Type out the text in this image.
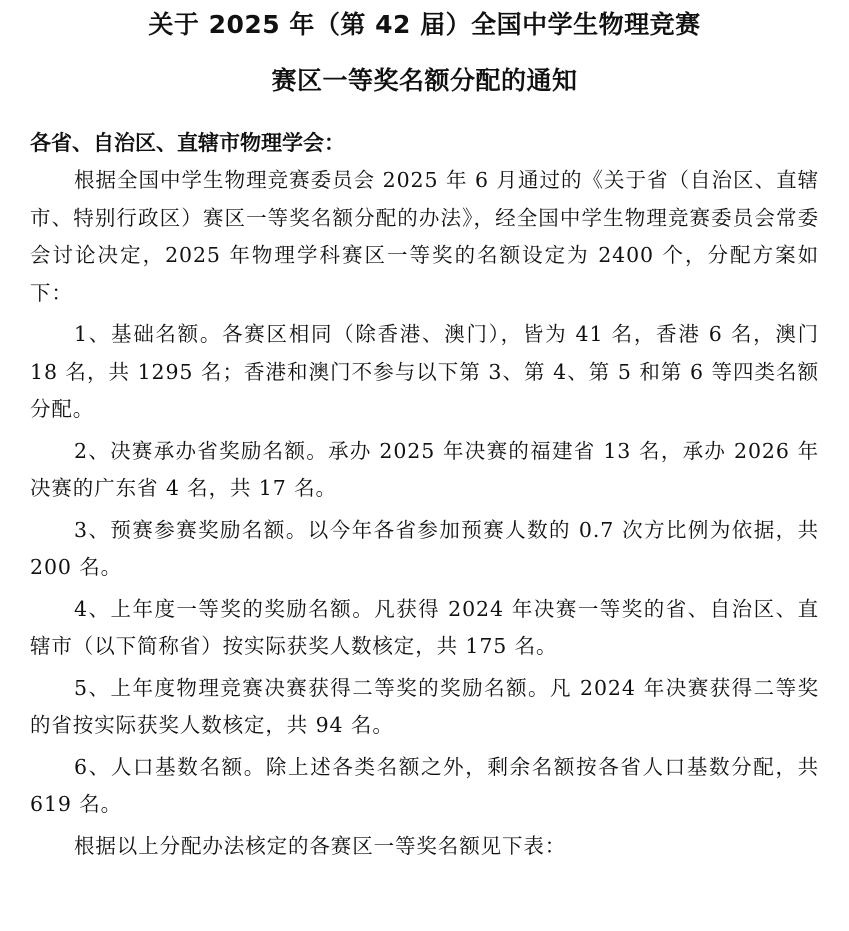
关于 2025 年（第 42 届）全国中学生物理竞赛
赛区一等奖名额分配的通知

各省、自治区、直辖市物理学会：

根据全国中学生物理竞赛委员会 2025 年 6 月通过的《关于省（自治区、直辖市、特别行政区）赛区一等奖名额分配的办法》，经全国中学生物理竞赛委员会常委会讨论决定，2025 年物理学科赛区一等奖的名额设定为 2400 个，分配方案如下：

1、基础名额。各赛区相同（除香港、澳门），皆为 41 名，香港 6 名，澳门 18 名，共 1295 名；香港和澳门不参与以下第 3、第 4、第 5 和第 6 等四类名额分配。

2、决赛承办省奖励名额。承办 2025 年决赛的福建省 13 名，承办 2026 年决赛的广东省 4 名，共 17 名。

3、预赛参赛奖励名额。以今年各省参加预赛人数的 0.7 次方比例为依据，共 200 名。

4、上年度一等奖的奖励名额。凡获得 2024 年决赛一等奖的省、自治区、直辖市（以下简称省）按实际获奖人数核定，共 175 名。

5、上年度物理竞赛决赛获得二等奖的奖励名额。凡 2024 年决赛获得二等奖的省按实际获奖人数核定，共 94 名。

6、人口基数名额。除上述各类名额之外，剩余名额按各省人口基数分配，共 619 名。

根据以上分配办法核定的各赛区一等奖名额见下表：
